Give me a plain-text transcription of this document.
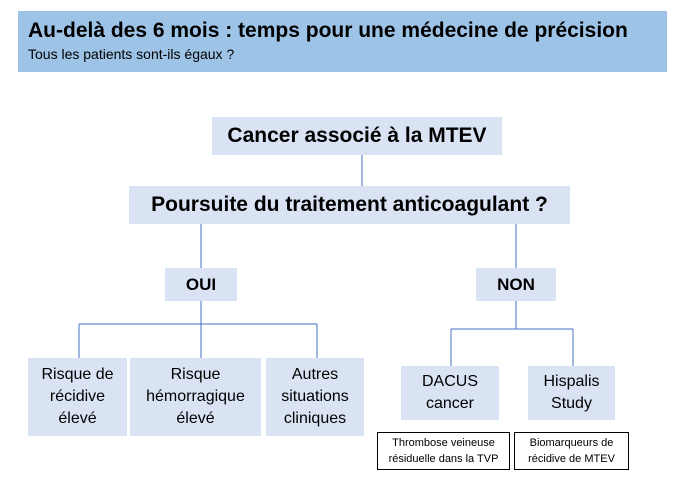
Au-delà des 6 mois : temps pour une médecine de précision
Tous les patients sont-ils égaux ?
Cancer associé à la MTEV
Poursuite du traitement anticoagulant ?
OUI	NON
Risque de
récidive
élevé
Risque
hémorragique
élevé
Autres
situations
cliniques
DACUS
cancer
Hispalis
Study
Thrombose veineuse
résiduelle dans la TVP
Biomarqueurs de
récidive de MTEV
